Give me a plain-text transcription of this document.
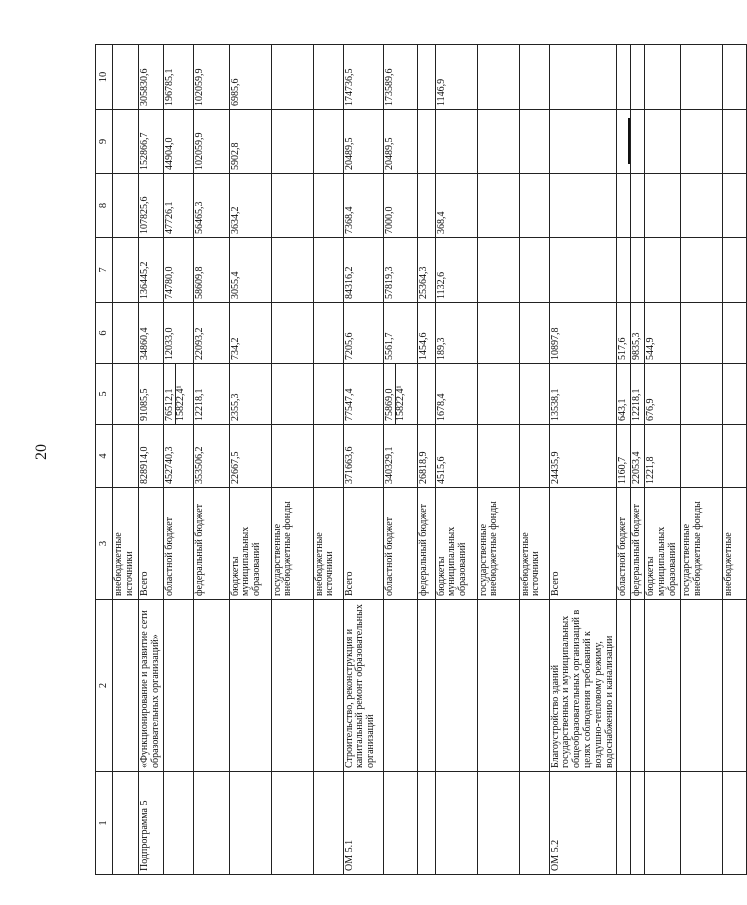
20
1	2	3	4	5	6	7	8	9	10
		внебюджетные источники							
Подпрограмма 5	«Функционирование и развитие сети образовательных организаций»	Всего	828914,0	91085,5	34860,4	136445,2	107825,6	152866,7	305830,6
		областной бюджет	452740,3	76512,1 15822,4¹	12033,0	74780,0	47726,1	44904,0	196785,1
		федеральный бюджет	353506,2	12218,1	22093,2	58609,8	56465,3	102059,9	102059,9
		бюджеты муниципальных образований	22667,5	2355,3	734,2	3055,4	3634,2	5902,8	6985,6
		государственные внебюджетные фонды							
		внебюджетные источники							
ОМ 5.1	Строительство, реконструкция и капитальный ремонт образовательных организаций	Всего	371663,6	77547,4	7205,6	84316,2	7368,4	20489,5	174736,5
		областной бюджет	340329,1	75869,0 15822,4¹	5561,7	57819,3	7000,0	20489,5	173589,6
		федеральный бюджет	26818,9		1454,6	25364,3			
		бюджеты муниципальных образований	4515,6	1678,4	189,3	1132,6	368,4		1146,9
		государственные внебюджетные фонды							
		внебюджетные источники							
ОМ 5.2	Благоустройство зданий государственных и муниципальных общеобразовательных организаций в целях соблюдения требований к воздушно-тепловому режиму, водоснабжению и канализации	Всего	24435,9	13538,1	10897,8				
		областной бюджет	1160,7	643,1	517,6				
		федеральный бюджет	22053,4	12218,1	9835,3				
		бюджеты муниципальных образований	1221,8	676,9	544,9				
		государственные внебюджетные фонды							
		внебюджетные							
